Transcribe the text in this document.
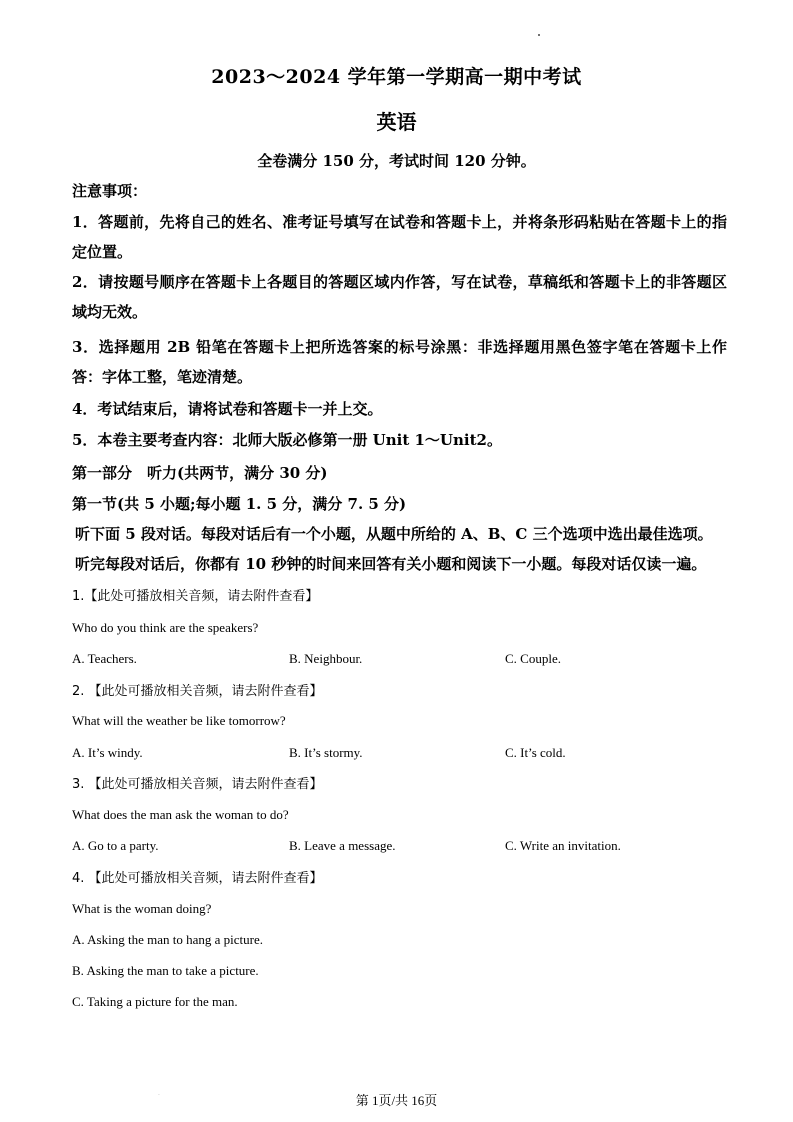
2023～2024 学年第一学期高一期中考试
英语
全卷满分 150 分，考试时间 120 分钟。
注意事项：
1．答题前，先将自己的姓名、准考证号填写在试卷和答题卡上，并将条形码粘贴在答题卡上的指定位置。
2．请按题号顺序在答题卡上各题目的答题区域内作答，写在试卷，草稿纸和答题卡上的非答题区域均无效。
3．选择题用 2B 铅笔在答题卡上把所选答案的标号涂黑：非选择题用黑色签字笔在答题卡上作答：字体工整，笔迹清楚。
4．考试结束后，请将试卷和答题卡一并上交。
5．本卷主要考查内容：北师大版必修第一册 Unit 1～Unit2。
第一部分　听力(共两节，满分 30 分)
第一节(共 5 小题;每小题 1. 5 分，满分 7. 5 分)
听下面 5 段对话。每段对话后有一个小题，从题中所给的 A、B、C 三个选项中选出最佳选项。
听完每段对话后，你都有 10 秒钟的时间来回答有关小题和阅读下一小题。每段对话仅读一遍。
1.【此处可播放相关音频，请去附件查看】
Who do you think are the speakers?
A. Teachers.	B. Neighbour.	C. Couple.
2. 【此处可播放相关音频，请去附件查看】
What will the weather be like tomorrow?
A. It’s windy.	B. It’s stormy.	C. It’s cold.
3. 【此处可播放相关音频，请去附件查看】
What does the man ask the woman to do?
A. Go to a party.	B. Leave a message.	C. Write an invitation.
4. 【此处可播放相关音频，请去附件查看】
What is the woman doing?
A. Asking the man to hang a picture.
B. Asking the man to take a picture.
C. Taking a picture for the man.
·	第 1页/共 16页
